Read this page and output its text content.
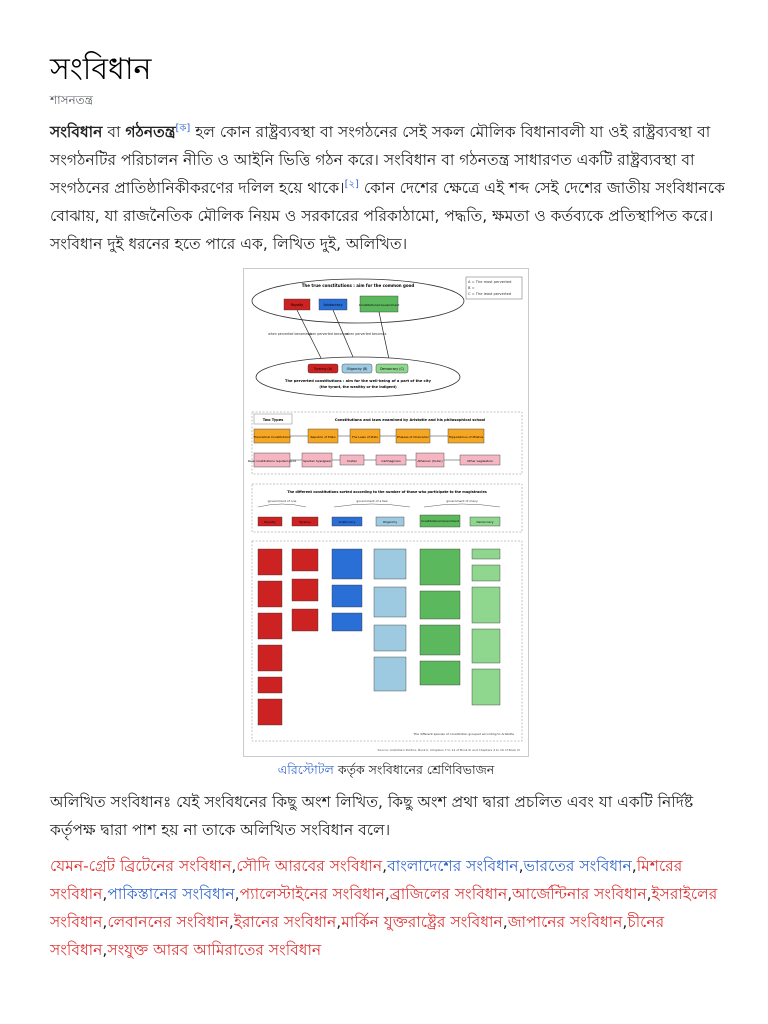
সংবিধান
শাসনতন্ত্র

সংবিধান বা গঠনতন্ত্র[ক] হল কোন রাষ্ট্রব্যবস্থা বা সংগঠনের সেই সকল মৌলিক বিধানাবলী যা ওই রাষ্ট্রব্যবস্থা বা সংগঠনটির পরিচালন নীতি ও আইনি ভিত্তি গঠন করে। সংবিধান বা গঠনতন্ত্র সাধারণত একটি রাষ্ট্রব্যবস্থা বা সংগঠনের প্রাতিষ্ঠানিকীকরণের দলিল হয়ে থাকে।[২] কোন দেশের ক্ষেত্রে এই শব্দ সেই দেশের জাতীয় সংবিধানকে বোঝায়, যা রাজনৈতিক মৌলিক নিয়ম ও সরকারের পরিকাঠামো, পদ্ধতি, ক্ষমতা ও কর্তব্যকে প্রতিস্থাপিত করে। সংবিধান দুই ধরনের হতে পারে এক, লিখিত দুই, অলিখিত।

A = The most perverted
B =
C = The least perverted
The true constitutions : aim for the common good
Royalty	Aristocracy	Constitutional Government
when perverted becomes a
when perverted becomes
when perverted becomes
Tyranny (A)	Oligarchy (B)	Democracy (C)
The perverted constitutions : aim for the well-being of a part of the city
(the tyrant, the wealthy or the indigent)
Two Types	Constitutions and laws examined by Aristotle and his philosophical school
Theoretical Constitutions	Republic of Plato	The Laws of Plato	Phaleas of Chalcedon	Hippodamus of Miletus
Real constitutions reputed good Spartan Syssigiaal	Cretan	Carthaginian	Athenian (Solon)	Other Legislators
The different constitutions sorted according to the number of those who participate to the magistracies
government of one	government of a few	government of many
Royalty	Tyranny	Aristocracy	Oligarchy	Constitutional Government	Democracy
The different species of constitution grouped according to Aristotle
Source: Aristotle's Politics, Book II, Chapters 7 to 14 of Book III and Chapters 4 to 16 of Book IV
এরিস্টোটল কর্তৃক সংবিধানের শ্রেণিবিভাজন

অলিখিত সংবিধানঃ যেই সংবিধনের কিছু অংশ লিখিত, কিছু অংশ প্রথা দ্বারা প্রচলিত এবং যা একটি নির্দিষ্ট কর্তৃপক্ষ দ্বারা পাশ হয় না তাকে অলিখিত সংবিধান বলে।

যেমন-গ্রেট ব্রিটেনের সংবিধান,সৌদি আরবের সংবিধান,বাংলাদেশের সংবিধান,ভারতের সংবিধান,মিশরের সংবিধান,পাকিস্তানের সংবিধান,প্যালেস্টাইনের সংবিধান,ব্রাজিলের সংবিধান,আর্জেন্টিনার সংবিধান,ইসরাইলের সংবিধান,লেবাননের সংবিধান,ইরানের সংবিধান,মার্কিন যুক্তরাষ্ট্রের সংবিধান,জাপানের সংবিধান,চীনের সংবিধান,সংযুক্ত আরব আমিরাতের সংবিধান
